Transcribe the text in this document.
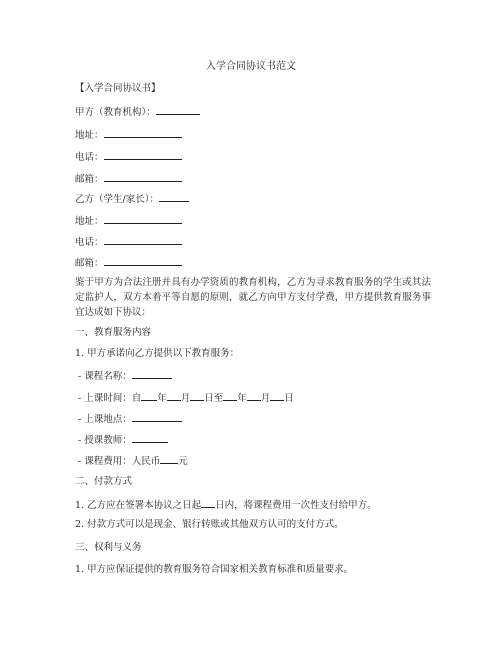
入学合同协议书范文
【入学合同协议书】
甲方（教育机构）：
地址：
电话：
邮箱：
乙方（学生/家长）：
地址：
电话：
邮箱：
鉴于甲方为合法注册并具有办学资质的教育机构，乙方为寻求教育服务的学生或其法定监护人，双方本着平等自愿的原则，就乙方向甲方支付学费，甲方提供教育服务事宜达成如下协议：
一、教育服务内容
1. 甲方承诺向乙方提供以下教育服务：
- 课程名称：
- 上课时间：自 年 月 日至 年 月 日
- 上课地点：
- 授课教师：
- 课程费用：人民币 元
二、付款方式
1. 乙方应在签署本协议之日起 日内，将课程费用一次性支付给甲方。
2. 付款方式可以是现金、银行转账或其他双方认可的支付方式。
三、权利与义务
1. 甲方应保证提供的教育服务符合国家相关教育标准和质量要求。
